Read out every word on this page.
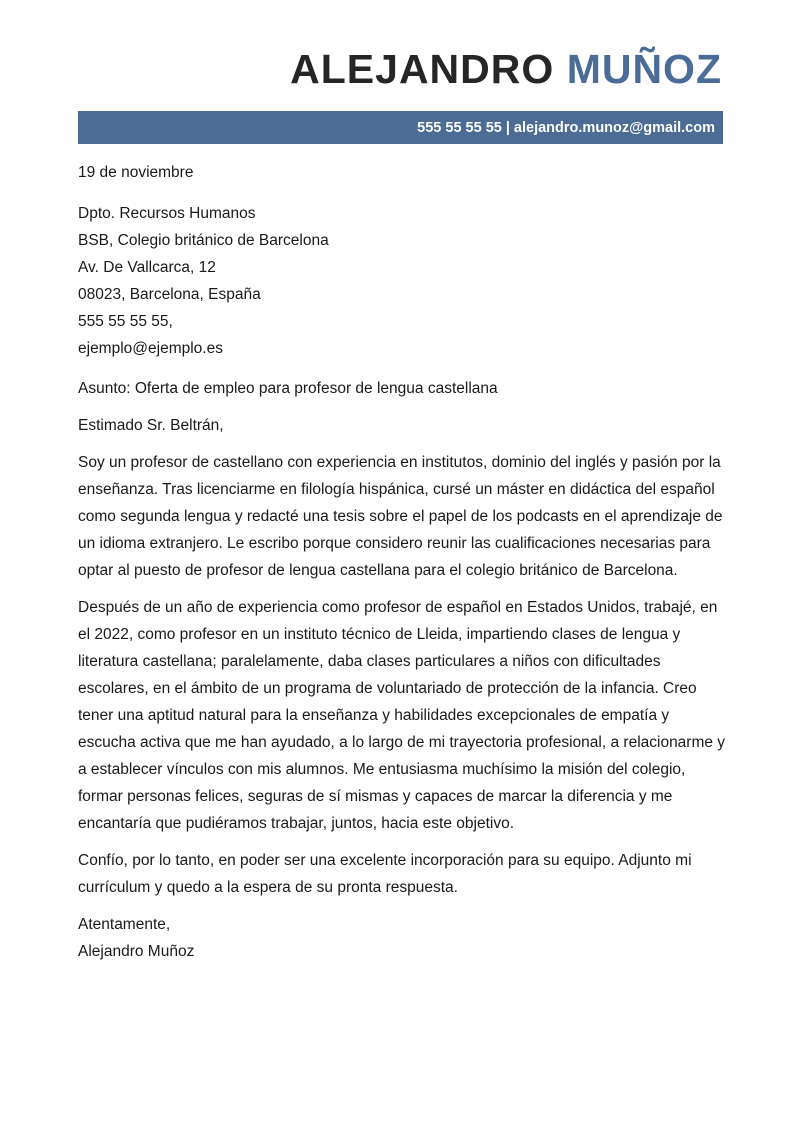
ALEJANDRO MUÑOZ
555 55 55 55 | alejandro.munoz@gmail.com

19 de noviembre

Dpto. Recursos Humanos

BSB, Colegio británico de Barcelona

Av. De Vallcarca, 12

08023, Barcelona, España

555 55 55 55,

ejemplo@ejemplo.es

Asunto: Oferta de empleo para profesor de lengua castellana

Estimado Sr. Beltrán,

Soy un profesor de castellano con experiencia en institutos, dominio del inglés y pasión por la enseñanza. Tras licenciarme en filología hispánica, cursé un máster en didáctica del español como segunda lengua y redacté una tesis sobre el papel de los podcasts en el aprendizaje de un idioma extranjero. Le escribo porque considero reunir las cualificaciones necesarias para optar al puesto de profesor de lengua castellana para el colegio británico de Barcelona.

Después de un año de experiencia como profesor de español en Estados Unidos, trabajé, en el 2022, como profesor en un instituto técnico de Lleida, impartiendo clases de lengua y literatura castellana; paralelamente, daba clases particulares a niños con dificultades escolares, en el ámbito de un programa de voluntariado de protección de la infancia. Creo tener una aptitud natural para la enseñanza y habilidades excepcionales de empatía y escucha activa que me han ayudado, a lo largo de mi trayectoria profesional, a relacionarme y a establecer vínculos con mis alumnos. Me entusiasma muchísimo la misión del colegio, formar personas felices, seguras de sí mismas y capaces de marcar la diferencia y me encantaría que pudiéramos trabajar, juntos, hacia este objetivo.

Confío, por lo tanto, en poder ser una excelente incorporación para su equipo. Adjunto mi currículum y quedo a la espera de su pronta respuesta.

Atentamente,

Alejandro Muñoz
